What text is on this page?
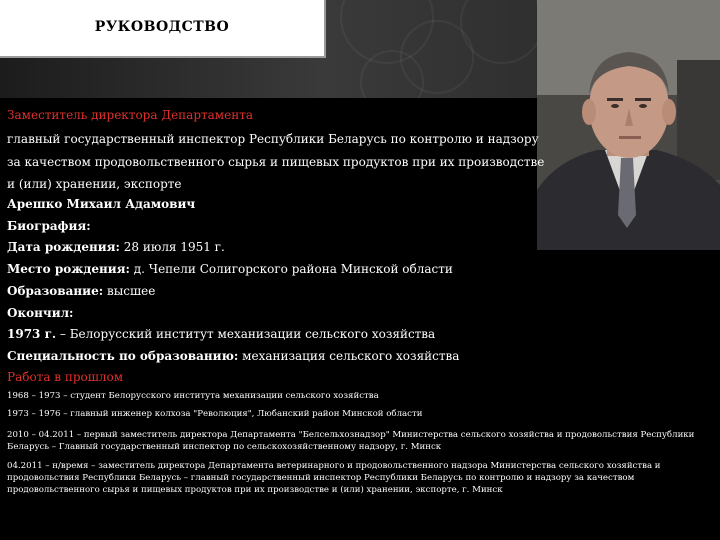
РУКОВОДСТВО
Заместитель директора Департамента
главный государственный инспектор Республики Беларусь по контролю и надзору
за качеством продовольственного сырья и пищевых продуктов при их производстве
и (или) хранении, экспорте
Арешко Михаил Адамович
Биография:
Дата рождения: 28 июля 1951 г.
Место рождения: д. Чепели Солигорского района Минской области
Образование: высшее
Окончил:
1973 г. – Белорусский институт механизации сельского хозяйства
Специальность по образованию: механизация сельского хозяйства
Работа в прошлом
1968 – 1973 – студент Белорусского института механизации сельского хозяйства
1973 – 1976 – главный инженер колхоза "Революция", Любанский район Минской области
2010 – 04.2011 – первый заместитель директора Департамента "Белсельхознадзор" Министерства сельского хозяйства и продовольствия Республики Беларусь – Главный государственный инспектор по сельскохозяйственному надзору, г. Минск
04.2011 – н/время – заместитель директора Департамента ветеринарного и продовольственного надзора Министерства сельского хозяйства и продовольствия Республики Беларусь – главный государственный инспектор Республики Беларусь по контролю и надзору за качеством продовольственного сырья и пищевых продуктов при их производстве и (или) хранении, экспорте, г. Минск
